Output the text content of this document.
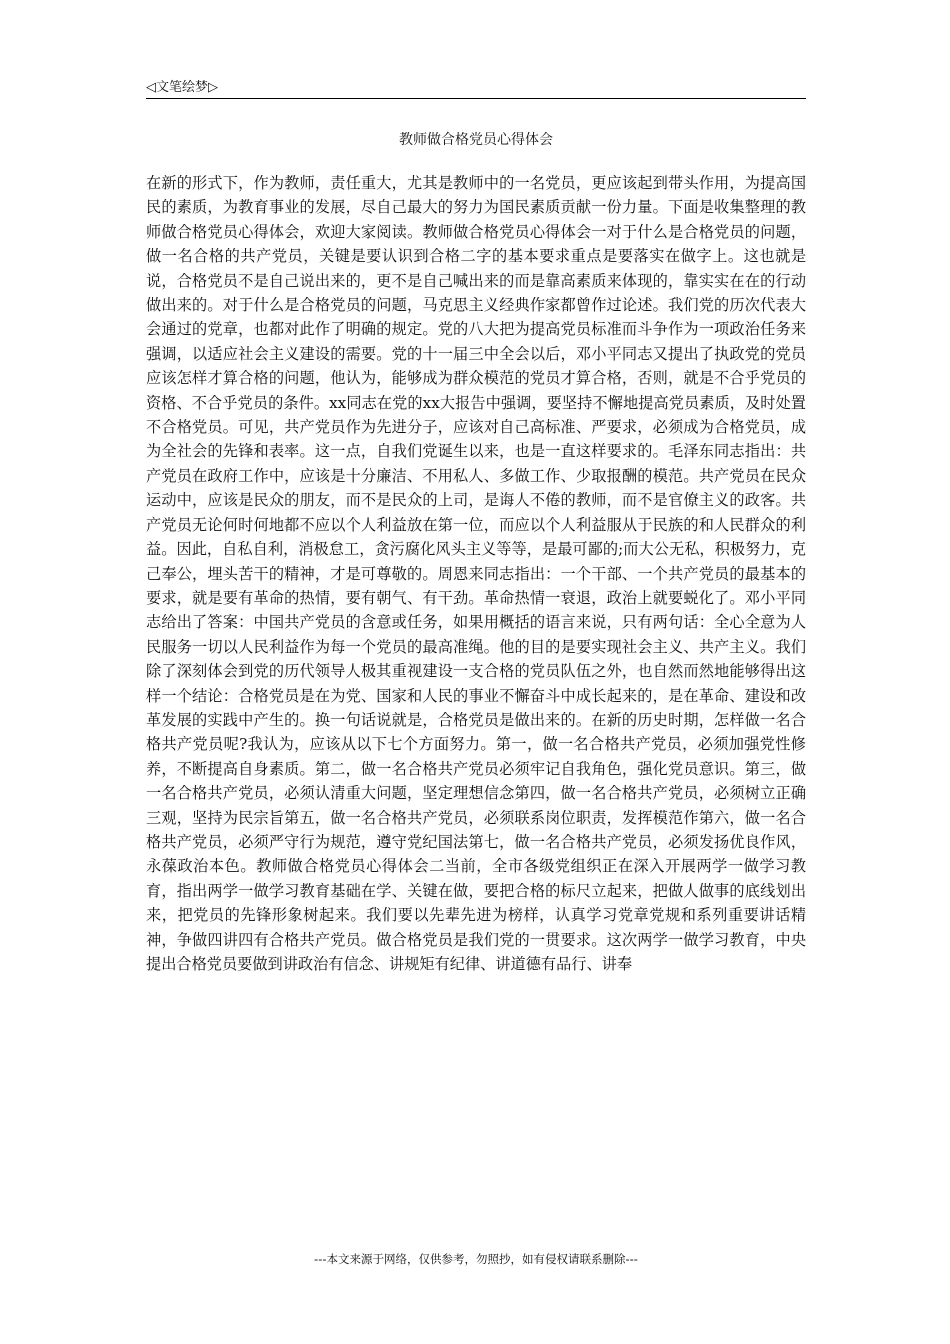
◁文笔绘梦▷
教师做合格党员心得体会

在新的形式下，作为教师，责任重大，尤其是教师中的一名党员，更应该起到带头作用，为提高国民的素质，为教育事业的发展，尽自己最大的努力为国民素质贡献一份力量。下面是收集整理的教师做合格党员心得体会，欢迎大家阅读。教师做合格党员心得体会一对于什么是合格党员的问题，做一名合格的共产党员，关键是要认识到合格二字的基本要求重点是要落实在做字上。这也就是说，合格党员不是自己说出来的，更不是自己喊出来的而是靠高素质来体现的，靠实实在在的行动做出来的。对于什么是合格党员的问题，马克思主义经典作家都曾作过论述。我们党的历次代表大会通过的党章，也都对此作了明确的规定。党的八大把为提高党员标准而斗争作为一项政治任务来强调，以适应社会主义建设的需要。党的十一届三中全会以后，邓小平同志又提出了执政党的党员应该怎样才算合格的问题，他认为，能够成为群众模范的党员才算合格，否则，就是不合乎党员的资格、不合乎党员的条件。xx同志在党的xx大报告中强调，要坚持不懈地提高党员素质，及时处置不合格党员。可见，共产党员作为先进分子，应该对自己高标准、严要求，必须成为合格党员，成为全社会的先锋和表率。这一点，自我们党诞生以来，也是一直这样要求的。毛泽东同志指出：共产党员在政府工作中，应该是十分廉洁、不用私人、多做工作、少取报酬的模范。共产党员在民众运动中，应该是民众的朋友，而不是民众的上司，是诲人不倦的教师，而不是官僚主义的政客。共产党员无论何时何地都不应以个人利益放在第一位，而应以个人利益服从于民族的和人民群众的利益。因此，自私自利，消极怠工，贪污腐化风头主义等等，是最可鄙的;而大公无私，积极努力，克己奉公，埋头苦干的精神，才是可尊敬的。周恩来同志指出：一个干部、一个共产党员的最基本的要求，就是要有革命的热情，要有朝气、有干劲。革命热情一衰退，政治上就要蜕化了。邓小平同志给出了答案：中国共产党员的含意或任务，如果用概括的语言来说，只有两句话：全心全意为人民服务一切以人民利益作为每一个党员的最高准绳。他的目的是要实现社会主义、共产主义。我们除了深刻体会到党的历代领导人极其重视建设一支合格的党员队伍之外，也自然而然地能够得出这样一个结论：合格党员是在为党、国家和人民的事业不懈奋斗中成长起来的，是在革命、建设和改革发展的实践中产生的。换一句话说就是，合格党员是做出来的。在新的历史时期，怎样做一名合格共产党员呢?我认为，应该从以下七个方面努力。第一，做一名合格共产党员，必须加强党性修养，不断提高自身素质。第二，做一名合格共产党员必须牢记自我角色，强化党员意识。第三，做一名合格共产党员，必须认清重大问题，坚定理想信念第四，做一名合格共产党员，必须树立正确三观，坚持为民宗旨第五，做一名合格共产党员，必须联系岗位职责，发挥模范作第六，做一名合格共产党员，必须严守行为规范，遵守党纪国法第七，做一名合格共产党员，必须发扬优良作风，永葆政治本色。教师做合格党员心得体会二当前，全市各级党组织正在深入开展两学一做学习教育，指出两学一做学习教育基础在学、关键在做，要把合格的标尺立起来，把做人做事的底线划出来，把党员的先锋形象树起来。我们要以先辈先进为榜样，认真学习党章党规和系列重要讲话精神，争做四讲四有合格共产党员。做合格党员是我们党的一贯要求。这次两学一做学习教育，中央提出合格党员要做到讲政治有信念、讲规矩有纪律、讲道德有品行、讲奉

---本文来源于网络，仅供参考，勿照抄，如有侵权请联系删除---
